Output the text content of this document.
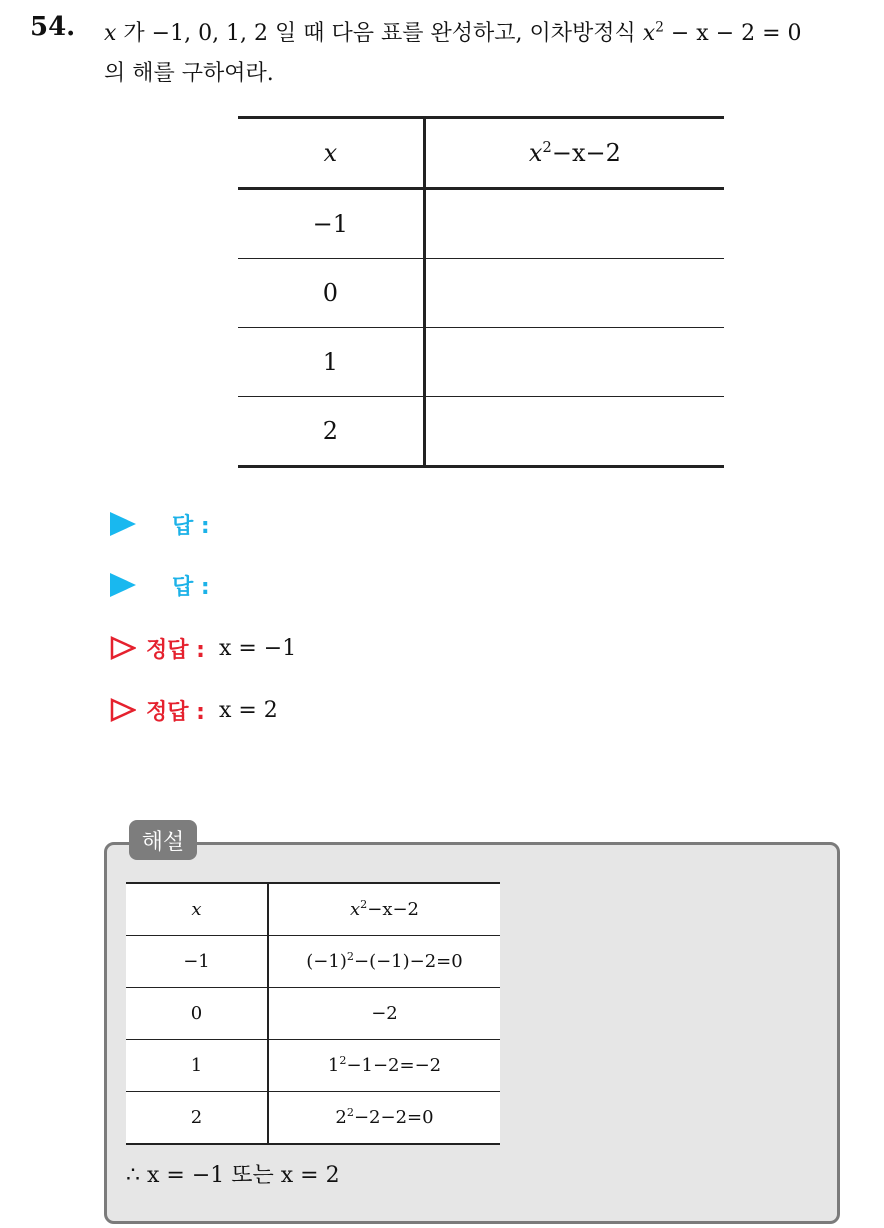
54. x 가 −1, 0, 1, 2 일 때 다음 표를 완성하고, 이차방정식 $x^2 - x - 2 = 0$
의 해를 구하여라.
x	$x^2-x-2$
−1	
0	
1	
2	
답 :
답 :
정답 : x = −1
정답 : x = 2
해설
x	$x^2-x-2$
−1	$(-1)^2-(-1)-2=0$
0	−2
1	$1^2-1-2=-2$
2	$2^2-2-2=0$
∴ x = −1 또는 x = 2
